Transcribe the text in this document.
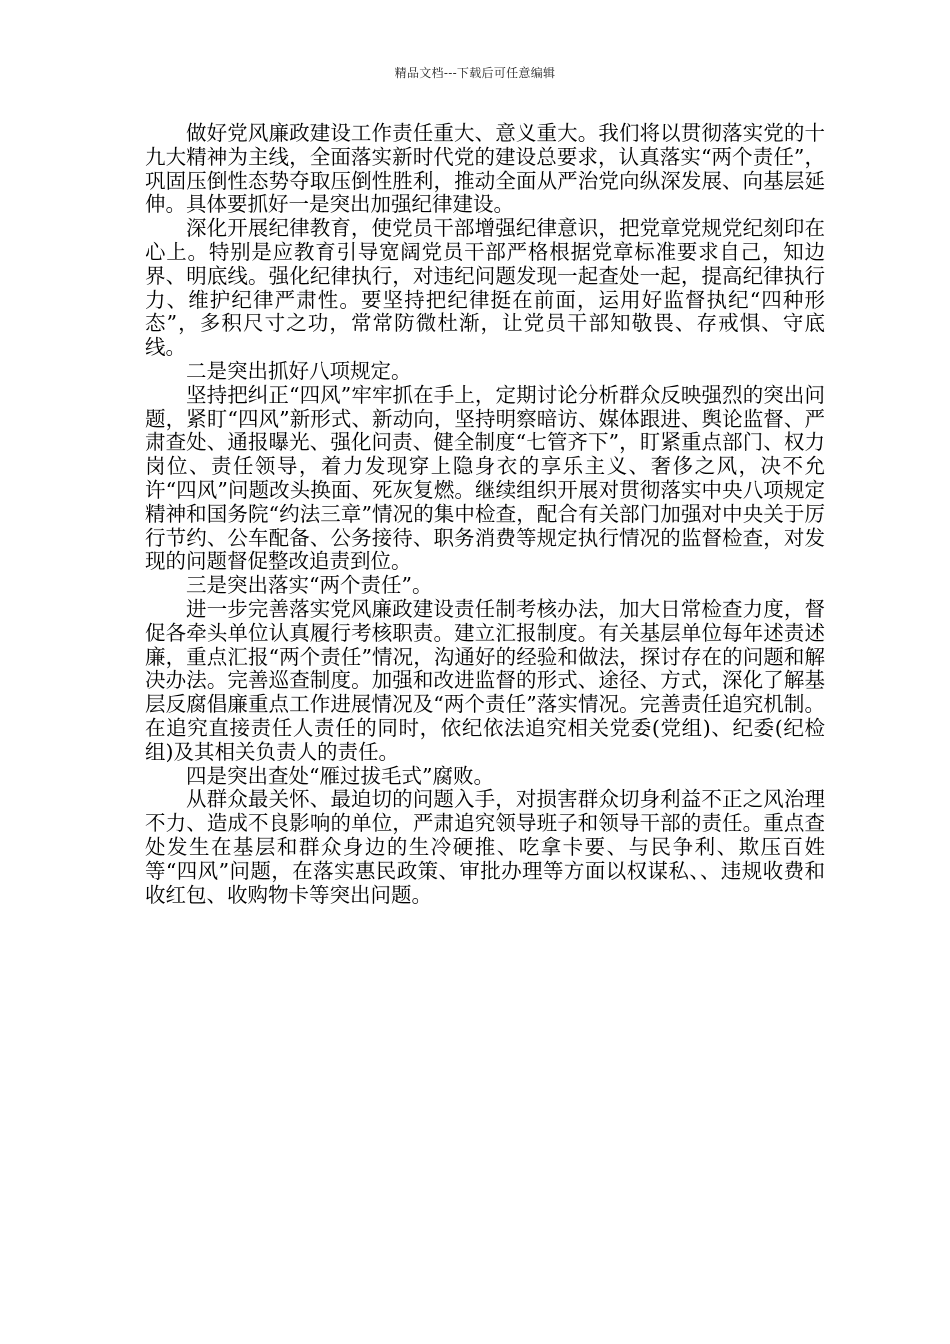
精品文档---下载后可任意编辑

做好党风廉政建设工作责任重大、意义重大。我们将以贯彻落实党的十九大精神为主线，全面落实新时代党的建设总要求，认真落实“两个责任”， 巩固压倒性态势夺取压倒性胜利，推动全面从严治党向纵深发展、向基层延伸。具体要抓好一是突出加强纪律建设。

深化开展纪律教育，使党员干部增强纪律意识，把党章党规党纪刻印在心上。特别是应教育引导宽阔党员干部严格根据党章标准要求自己，知边界、明底线。强化纪律执行，对违纪问题发现一起查处一起，提高纪律执行力、维护纪律严肃性。要坚持把纪律挺在前面，运用好监督执纪“四种形态”，多积尺寸之功，常常防微杜渐，让党员干部知敬畏、存戒惧、守底线。

二是突出抓好八项规定。

坚持把纠正“四风”牢牢抓在手上，定期讨论分析群众反映强烈的突出问题，紧盯“四风”新形式、新动向，坚持明察暗访、媒体跟进、舆论监督、严肃查处、通报曝光、强化问责、健全制度“七管齐下”，盯紧重点部门、权力岗位、责任领导，着力发现穿上隐身衣的享乐主义、奢侈之风，决不允许“四风”问题改头换面、死灰复燃。继续组织开展对贯彻落实中央八项规定精神和国务院“约法三章”情况的集中检查，配合有关部门加强对中央关于厉行节约、公车配备、公务接待、职务消费等规定执行情况的监督检查，对发现的问题督促整改追责到位。

三是突出落实“两个责任”。

进一步完善落实党风廉政建设责任制考核办法，加大日常检查力度，督促各牵头单位认真履行考核职责。建立汇报制度。有关基层单位每年述责述廉，重点汇报“两个责任”情况，沟通好的经验和做法，探讨存在的问题和解决办法。完善巡查制度。加强和改进监督的形式、途径、方式，深化了解基层反腐倡廉重点工作进展情况及“两个责任”落实情况。完善责任追究机制。在追究直接责任人责任的同时，依纪依法追究相关党委(党组)、纪委(纪检组)及其相关负责人的责任。

四是突出查处“雁过拔毛式”腐败。

从群众最关怀、最迫切的问题入手，对损害群众切身利益不正之风治理不力、造成不良影响的单位，严肃追究领导班子和领导干部的责任。重点查处发生在基层和群众身边的生冷硬推、吃拿卡要、与民争利、欺压百姓等“四风”问题，在落实惠民政策、审批办理等方面以权谋私、、违规收费和收红包、收购物卡等突出问题。
